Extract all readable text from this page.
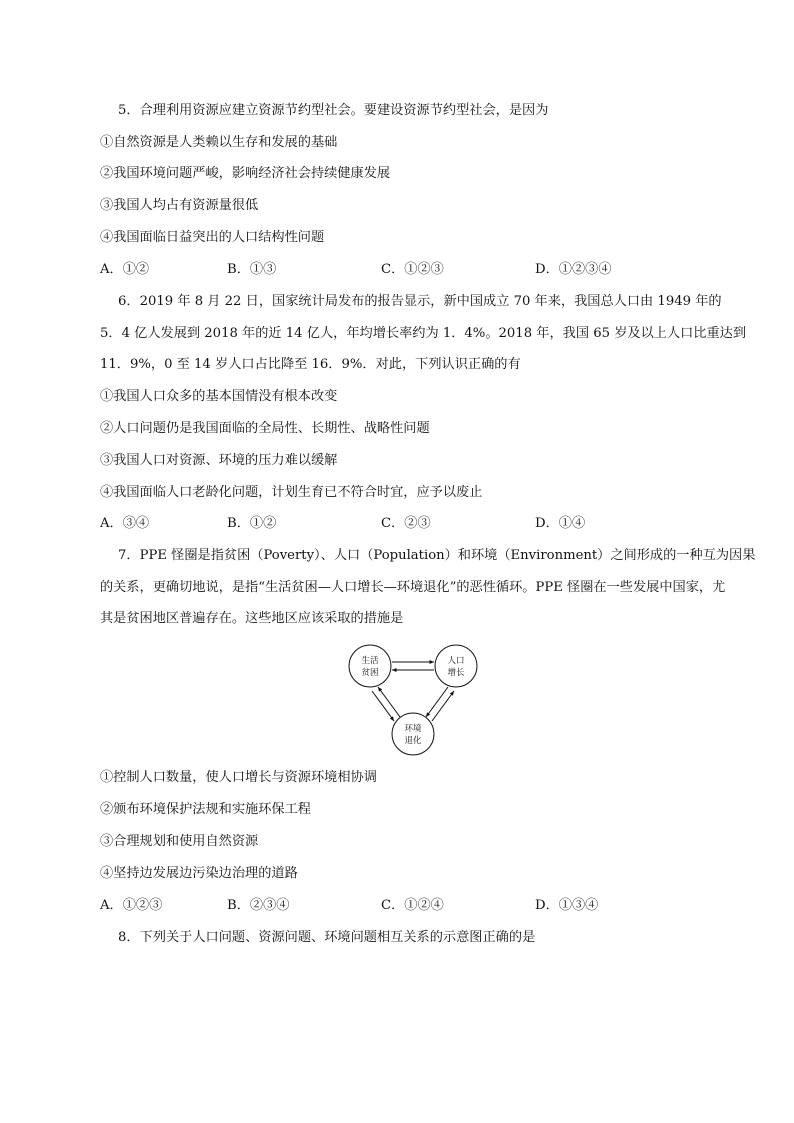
5．合理利用资源应建立资源节约型社会。要建设资源节约型社会，是因为
①自然资源是人类赖以生存和发展的基础
②我国环境问题严峻，影响经济社会持续健康发展
③我国人均占有资源量很低
④我国面临日益突出的人口结构性问题
A．①②	B．①③	C．①②③	D．①②③④
6．2019 年 8 月 22 日，国家统计局发布的报告显示，新中国成立 70 年来，我国总人口由 1949 年的
5．4 亿人发展到 2018 年的近 14 亿人，年均增长率约为 1．4%。2018 年，我国 65 岁及以上人口比重达到
11．9%，0 至 14 岁人口占比降至 16．9%．对此，下列认识正确的有
①我国人口众多的基本国情没有根本改变
②人口问题仍是我国面临的全局性、长期性、战略性问题
③我国人口对资源、环境的压力难以缓解
④我国面临人口老龄化问题，计划生育已不符合时宜，应予以废止
A．③④	B．①②	C．②③	D．①④
7．PPE 怪圈是指贫困（Poverty）、人口（Population）和环境（Environment）之间形成的一种互为因果
的关系，更确切地说，是指“生活贫困—人口增长—环境退化”的恶性循环。PPE 怪圈在一些发展中国家，尤
其是贫困地区普遍存在。这些地区应该采取的措施是
生活
贫困
人口
增长
环境
退化
①控制人口数量，使人口增长与资源环境相协调
②颁布环境保护法规和实施环保工程
③合理规划和使用自然资源
④坚持边发展边污染边治理的道路
A．①②③	B．②③④	C．①②④	D．①③④
8．下列关于人口问题、资源问题、环境问题相互关系的示意图正确的是
